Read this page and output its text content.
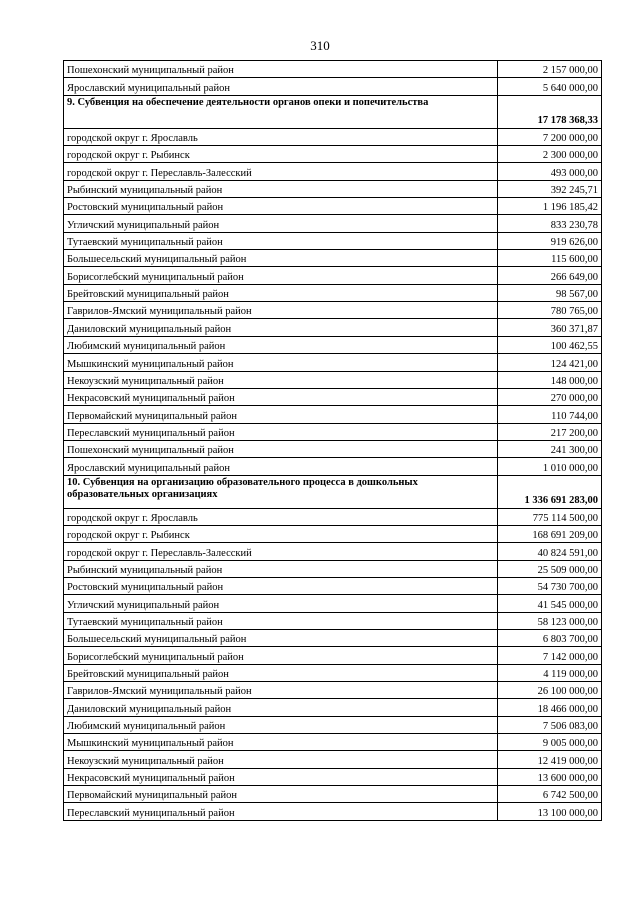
310
Пошехонский муниципальный район	2 157 000,00
Ярославский муниципальный район	5 640 000,00
9. Субвенция на обеспечение деятельности органов опеки и попечительства	17 178 368,33
городской округ г. Ярославль	7 200 000,00
городской округ г. Рыбинск	2 300 000,00
городской округ г. Переславль-Залесский	493 000,00
Рыбинский муниципальный район	392 245,71
Ростовский муниципальный район	1 196 185,42
Угличский муниципальный район	833 230,78
Тутаевский муниципальный район	919 626,00
Большесельский муниципальный район	115 600,00
Борисоглебский муниципальный район	266 649,00
Брейтовский муниципальный район	98 567,00
Гаврилов-Ямский муниципальный район	780 765,00
Даниловский муниципальный район	360 371,87
Любимский муниципальный район	100 462,55
Мышкинский муниципальный район	124 421,00
Некоузский муниципальный район	148 000,00
Некрасовский муниципальный район	270 000,00
Первомайский муниципальный район	110 744,00
Переславский муниципальный район	217 200,00
Пошехонский муниципальный район	241 300,00
Ярославский муниципальный район	1 010 000,00
10. Субвенция на организацию образовательного процесса в дошкольных образовательных организациях	1 336 691 283,00
городской округ г. Ярославль	775 114 500,00
городской округ г. Рыбинск	168 691 209,00
городской округ г. Переславль-Залесский	40 824 591,00
Рыбинский муниципальный район	25 509 000,00
Ростовский муниципальный район	54 730 700,00
Угличский муниципальный район	41 545 000,00
Тутаевский муниципальный район	58 123 000,00
Большесельский муниципальный район	6 803 700,00
Борисоглебский муниципальный район	7 142 000,00
Брейтовский муниципальный район	4 119 000,00
Гаврилов-Ямский муниципальный район	26 100 000,00
Даниловский муниципальный район	18 466 000,00
Любимский муниципальный район	7 506 083,00
Мышкинский муниципальный район	9 005 000,00
Некоузский муниципальный район	12 419 000,00
Некрасовский муниципальный район	13 600 000,00
Первомайский муниципальный район	6 742 500,00
Переславский муниципальный район	13 100 000,00
